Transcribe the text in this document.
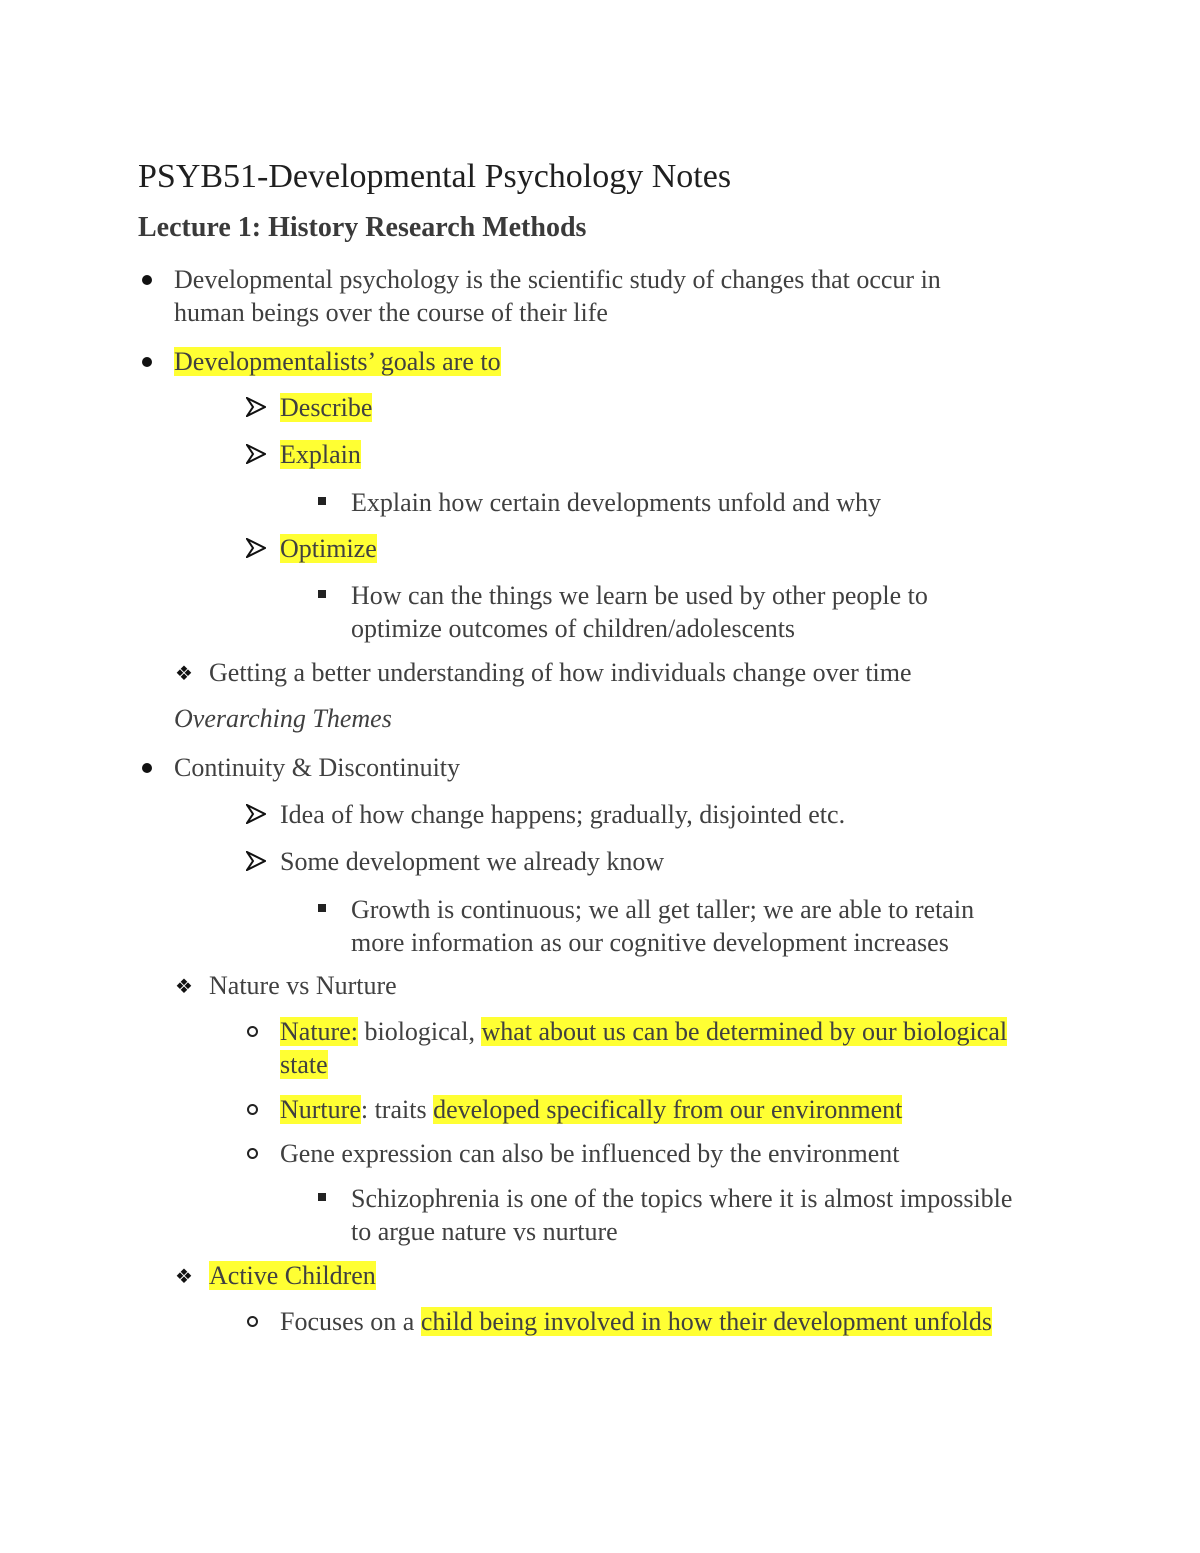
PSYB51-Developmental Psychology Notes
Lecture 1: History Research Methods
Developmental psychology is the scientific study of changes that occur in
human beings over the course of their life
Developmentalists’ goals are to
Describe
Explain
Explain how certain developments unfold and why
Optimize
How can the things we learn be used by other people to
optimize outcomes of children/adolescents
❖ Getting a better understanding of how individuals change over time
Overarching Themes
Continuity & Discontinuity
Idea of how change happens; gradually, disjointed etc.
Some development we already know
Growth is continuous; we all get taller; we are able to retain
more information as our cognitive development increases
❖ Nature vs Nurture
Nature: biological, what about us can be determined by our biological
state
Nurture: traits developed specifically from our environment
Gene expression can also be influenced by the environment
Schizophrenia is one of the topics where it is almost impossible
to argue nature vs nurture
❖ Active Children
Focuses on a child being involved in how their development unfolds
